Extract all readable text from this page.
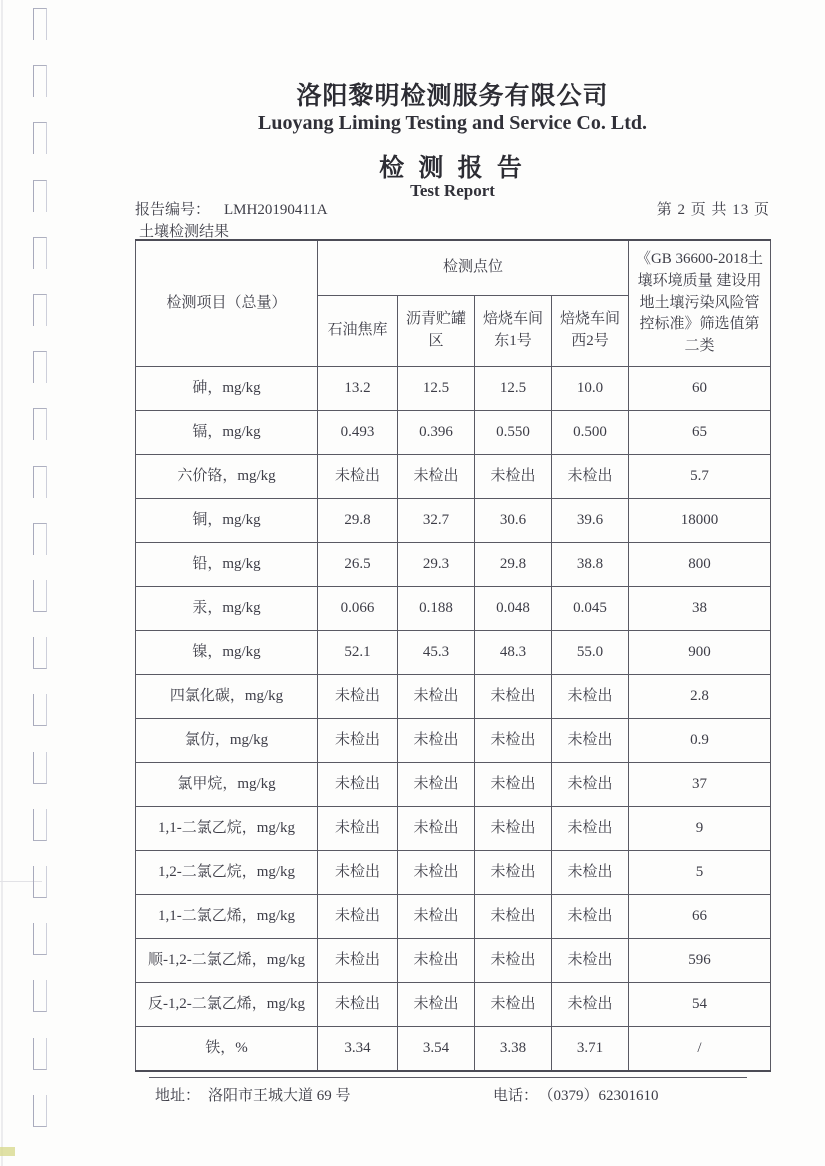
洛阳黎明检测服务有限公司
Luoyang Liming Testing and Service Co. Ltd.
检 测 报 告
Test Report
报告编号： LMH20190411A	第 2 页 共 13 页
土壤检测结果
检测项目（总量）	检测点位				《GB 36600-2018土壤环境质量 建设用地土壤污染风险管控标准》筛选值第二类
	石油焦库	沥青贮罐区	焙烧车间东1号	焙烧车间西2号	
砷，mg/kg	13.2	12.5	12.5	10.0	60
镉，mg/kg	0.493	0.396	0.550	0.500	65
六价铬，mg/kg	未检出	未检出	未检出	未检出	5.7
铜，mg/kg	29.8	32.7	30.6	39.6	18000
铅，mg/kg	26.5	29.3	29.8	38.8	800
汞，mg/kg	0.066	0.188	0.048	0.045	38
镍，mg/kg	52.1	45.3	48.3	55.0	900
四氯化碳，mg/kg	未检出	未检出	未检出	未检出	2.8
氯仿，mg/kg	未检出	未检出	未检出	未检出	0.9
氯甲烷，mg/kg	未检出	未检出	未检出	未检出	37
1,1-二氯乙烷，mg/kg	未检出	未检出	未检出	未检出	9
1,2-二氯乙烷，mg/kg	未检出	未检出	未检出	未检出	5
1,1-二氯乙烯，mg/kg	未检出	未检出	未检出	未检出	66
顺-1,2-二氯乙烯，mg/kg	未检出	未检出	未检出	未检出	596
反-1,2-二氯乙烯，mg/kg	未检出	未检出	未检出	未检出	54
铁，%	3.34	3.54	3.38	3.71	/
地址： 洛阳市王城大道 69 号	电话： （0379）62301610
